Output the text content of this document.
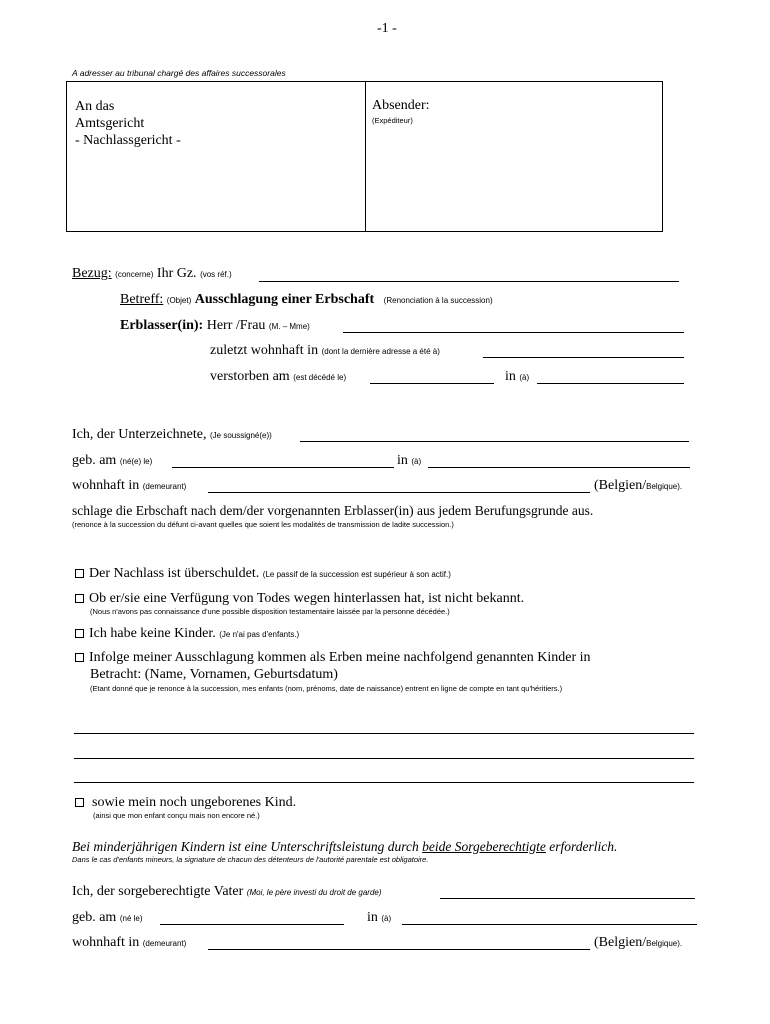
-1 -
A adresser au tribunal chargé des affaires successorales
An das
Amtsgericht
- Nachlassgericht -
Absender:
(Expéditeur)
Bezug: (concerne) Ihr Gz. (vos réf.)
Betreff: (Objet) Ausschlagung einer Erbschaft (Renonciation à la succession)
Erblasser(in): Herr /Frau (M. – Mme)
zuletzt wohnhaft in (dont la dernière adresse a été à)
verstorben am (est décédé le)	in (à)
Ich, der Unterzeichnete, (Je soussigné(e))
geb. am (né(e) le)	in (à)
wohnhaft in (demeurant)	(Belgien/Belgique).
schlage die Erbschaft nach dem/der vorgenannten Erblasser(in) aus jedem Berufungsgrunde aus.
(renonce à la succession du défunt ci-avant quelles que soient les modalités de transmission de ladite succession.)
Der Nachlass ist überschuldet. (Le passif de la succession est supérieur à son actif.)
Ob er/sie eine Verfügung von Todes wegen hinterlassen hat, ist nicht bekannt.
(Nous n'avons pas connaissance d'une possible disposition testamentaire laissée par la personne décédée.)
Ich habe keine Kinder. (Je n'ai pas d'enfants.)
Infolge meiner Ausschlagung kommen als Erben meine nachfolgend genannten Kinder in
Betracht: (Name, Vornamen, Geburtsdatum)
(Etant donné que je renonce à la succession, mes enfants (nom, prénoms, date de naissance) entrent en ligne de compte en tant qu'héritiers.)
sowie mein noch ungeborenes Kind.
(ainsi que mon enfant conçu mais non encore né.)
Bei minderjährigen Kindern ist eine Unterschriftsleistung durch beide Sorgeberechtigte erforderlich.
Dans le cas d'enfants mineurs, la signature de chacun des détenteurs de l'autorité parentale est obligatoire.
Ich, der sorgeberechtigte Vater (Moi, le père investi du droit de garde)
geb. am (né le)	in (à)
wohnhaft in (demeurant)	(Belgien/Belgique).
